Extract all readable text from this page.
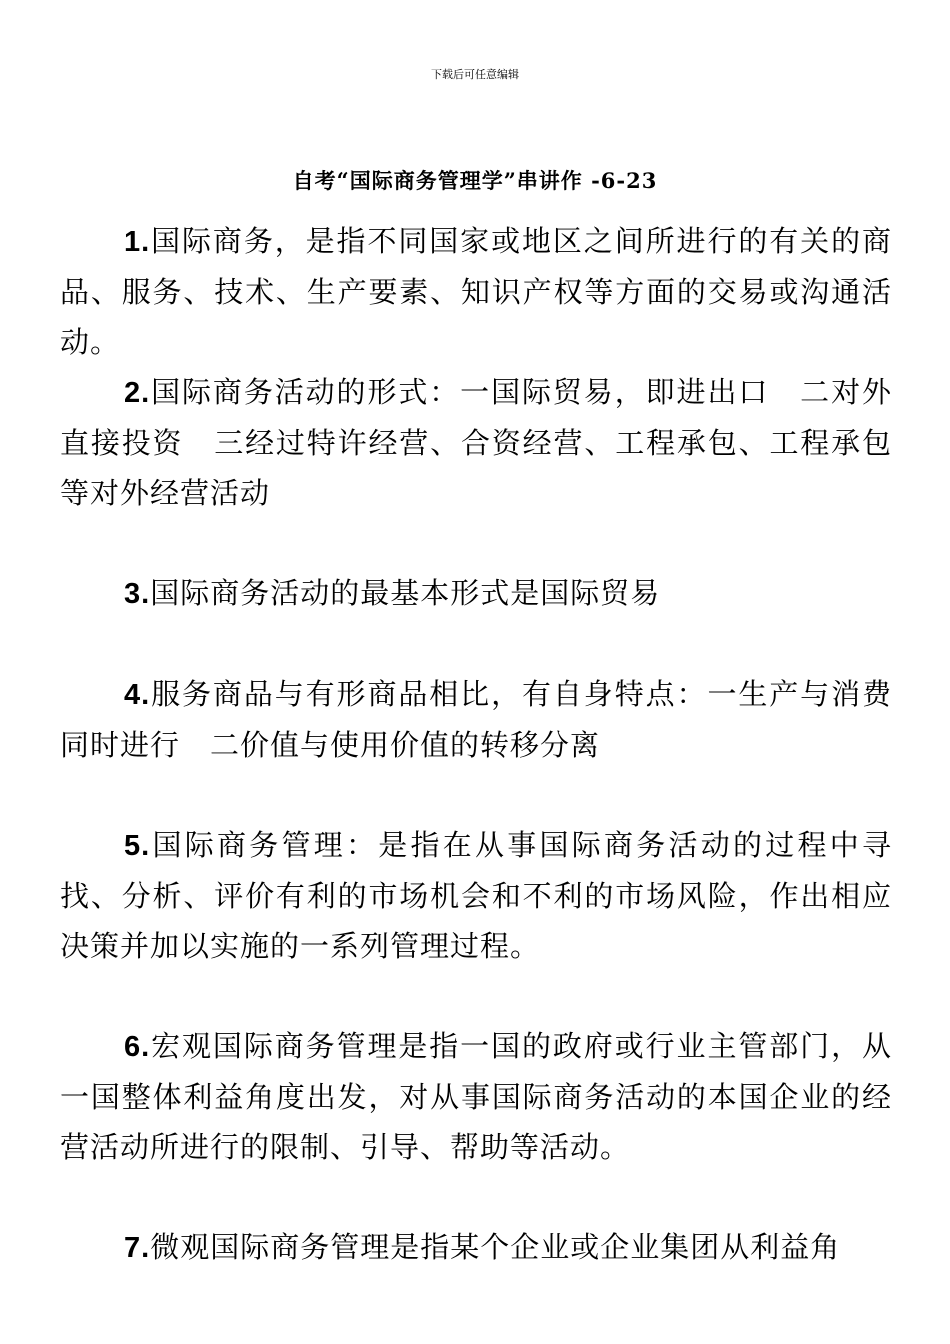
下载后可任意编辑
自考“国际商务管理学”串讲作 -6-23

1.国际商务，是指不同国家或地区之间所进行的有关的商品、服务、技术、生产要素、知识产权等方面的交易或沟通活动。

2.国际商务活动的形式：一国际贸易，即进出口　二对外直接投资　三经过特许经营、合资经营、工程承包、工程承包等对外经营活动

3.国际商务活动的最基本形式是国际贸易

4.服务商品与有形商品相比，有自身特点：一生产与消费同时进行　二价值与使用价值的转移分离

5.国际商务管理：是指在从事国际商务活动的过程中寻找、分析、评价有利的市场机会和不利的市场风险，作出相应决策并加以实施的一系列管理过程。

6.宏观国际商务管理是指一国的政府或行业主管部门，从一国整体利益角度出发，对从事国际商务活动的本国企业的经营活动所进行的限制、引导、帮助等活动。

7.微观国际商务管理是指某个企业或企业集团从利益角
